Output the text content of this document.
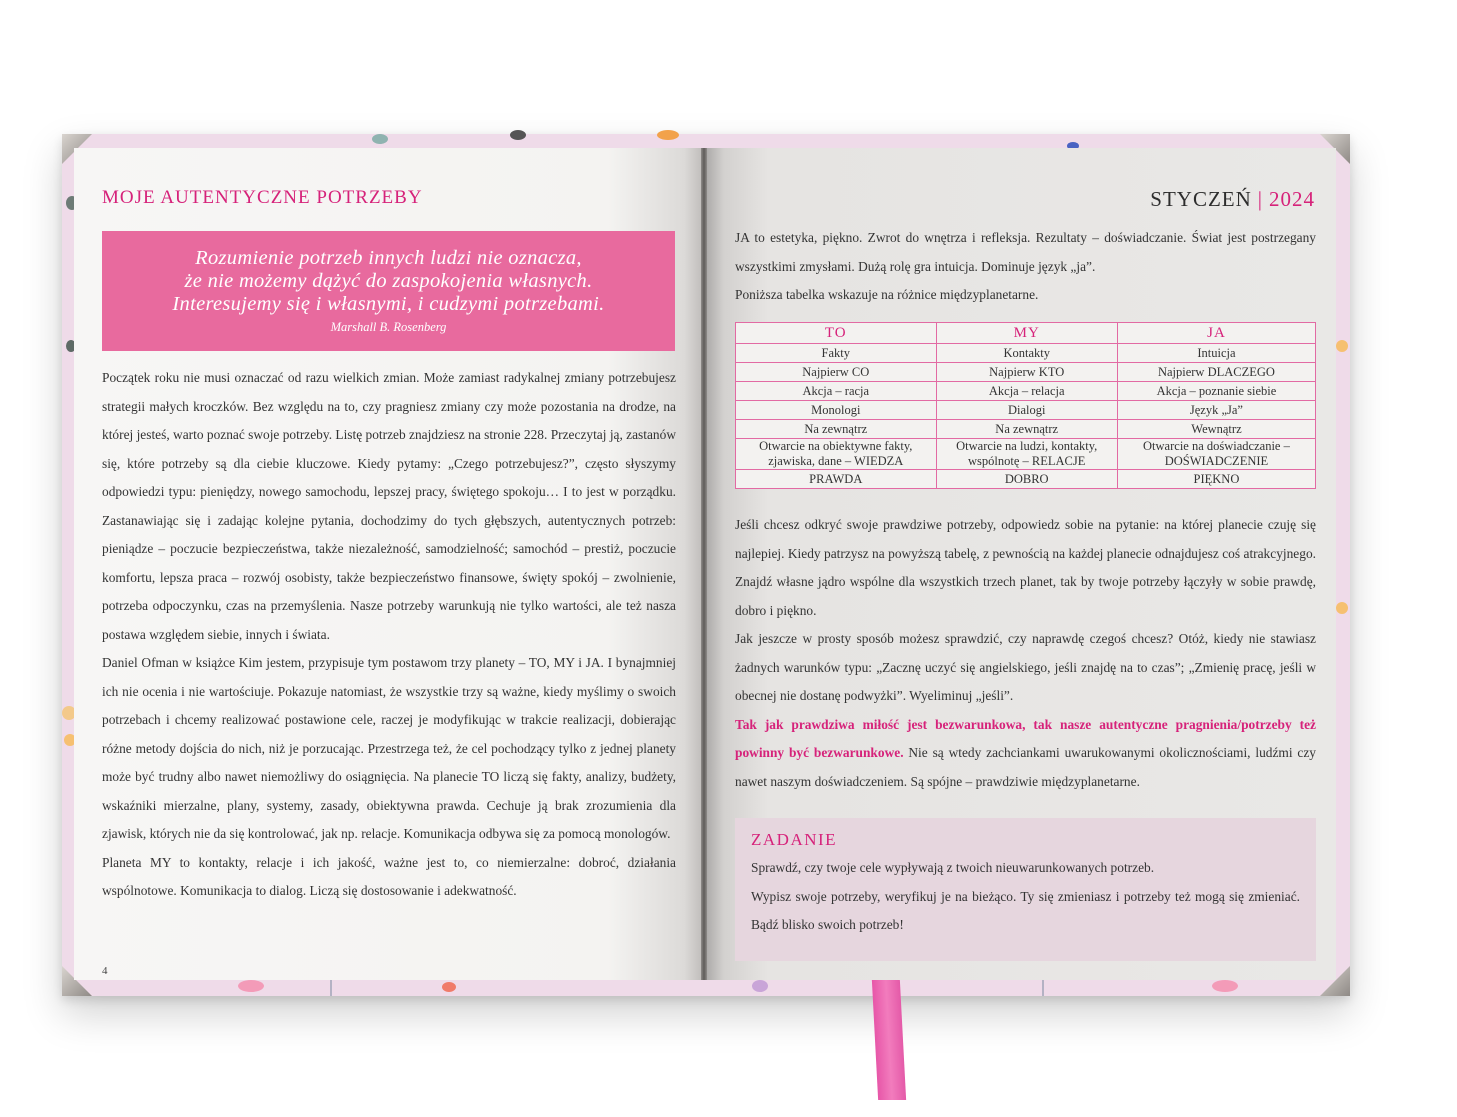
MOJE AUTENTYCZNE POTRZEBY
Rozumienie potrzeb innych ludzi nie oznacza,
że nie możemy dążyć do zaspokojenia własnych.
Interesujemy się i własnymi, i cudzymi potrzebami.
Marshall B. Rosenberg

Początek roku nie musi oznaczać od razu wielkich zmian. Może zamiast radykalnej zmiany potrzebujesz strategii małych kroczków. Bez względu na to, czy pragniesz zmiany czy może pozostania na drodze, na której jesteś, warto poznać swoje potrzeby. Listę potrzeb znajdziesz na stronie 228. Przeczytaj ją, zastanów się, które potrzeby są dla ciebie kluczowe. Kiedy pytamy: „Czego potrzebujesz?”, często słyszymy odpowiedzi typu: pieniędzy, nowego samochodu, lepszej pracy, świętego spokoju… I to jest w porządku. Zastanawiając się i zadając kolejne pytania, dochodzimy do tych głębszych, autentycznych potrzeb: pieniądze – poczucie bezpieczeństwa, także niezależność, samodzielność; samochód – prestiż, poczucie komfortu, lepsza praca – rozwój osobisty, także bezpieczeństwo finansowe, święty spokój – zwolnienie, potrzeba odpoczynku, czas na przemyślenia. Nasze potrzeby warunkują nie tylko wartości, ale też nasza postawa względem siebie, innych i świata.

Daniel Ofman w książce Kim jestem, przypisuje tym postawom trzy planety – TO, MY i JA. I bynajmniej ich nie ocenia i nie wartościuje. Pokazuje natomiast, że wszystkie trzy są ważne, kiedy myślimy o swoich potrzebach i chcemy realizować postawione cele, raczej je modyfikując w trakcie realizacji, dobierając różne metody dojścia do nich, niż je porzucając. Przestrzega też, że cel pochodzący tylko z jednej planety może być trudny albo nawet niemożliwy do osiągnięcia. Na planecie TO liczą się fakty, analizy, budżety, wskaźniki mierzalne, plany, systemy, zasady, obiektywna prawda. Cechuje ją brak zrozumienia dla zjawisk, których nie da się kontrolować, jak np. relacje. Komunikacja odbywa się za pomocą monologów.

Planeta MY to kontakty, relacje i ich jakość, ważne jest to, co niemierzalne: dobroć, działania wspólnotowe. Komunikacja to dialog. Liczą się dostosowanie i adekwatność.

4
STYCZEŃ | 2024

JA to estetyka, piękno. Zwrot do wnętrza i refleksja. Rezultaty – doświadczanie. Świat jest postrzegany wszystkimi zmysłami. Dużą rolę gra intuicja. Dominuje język „ja”.

Poniższa tabelka wskazuje na różnice międzyplanetarne.

TO	MY	JA
Fakty	Kontakty	Intuicja
Najpierw CO	Najpierw KTO	Najpierw DLACZEGO
Akcja – racja	Akcja – relacja	Akcja – poznanie siebie
Monologi	Dialogi	Język „Ja”
Na zewnątrz	Na zewnątrz	Wewnątrz
Otwarcie na obiektywne fakty, zjawiska, dane – WIEDZA	Otwarcie na ludzi, kontakty, wspólnotę – RELACJE	Otwarcie na doświadczanie – DOŚWIADCZENIE
PRAWDA	DOBRO	PIĘKNO

Jeśli chcesz odkryć swoje prawdziwe potrzeby, odpowiedz sobie na pytanie: na której planecie czuję się najlepiej. Kiedy patrzysz na powyższą tabelę, z pewnością na każdej planecie odnajdujesz coś atrakcyjnego. Znajdź własne jądro wspólne dla wszystkich trzech planet, tak by twoje potrzeby łączyły w sobie prawdę, dobro i piękno.

Jak jeszcze w prosty sposób możesz sprawdzić, czy naprawdę czegoś chcesz? Otóż, kiedy nie stawiasz żadnych warunków typu: „Zacznę uczyć się angielskiego, jeśli znajdę na to czas”; „Zmienię pracę, jeśli w obecnej nie dostanę podwyżki”. Wyeliminuj „jeśli”.

Tak jak prawdziwa miłość jest bezwarunkowa, tak nasze autentyczne pragnienia/potrzeby też powinny być bezwarunkowe. Nie są wtedy zachciankami uwarukowanymi okolicznościami, ludźmi czy nawet naszym doświadczeniem. Są spójne – prawdziwie międzyplanetarne.

ZADANIE
Sprawdź, czy twoje cele wypływają z twoich nieuwarunkowanych potrzeb.
Wypisz swoje potrzeby, weryfikuj je na bieżąco. Ty się zmieniasz i potrzeby też mogą się zmieniać. Bądź blisko swoich potrzeb!
